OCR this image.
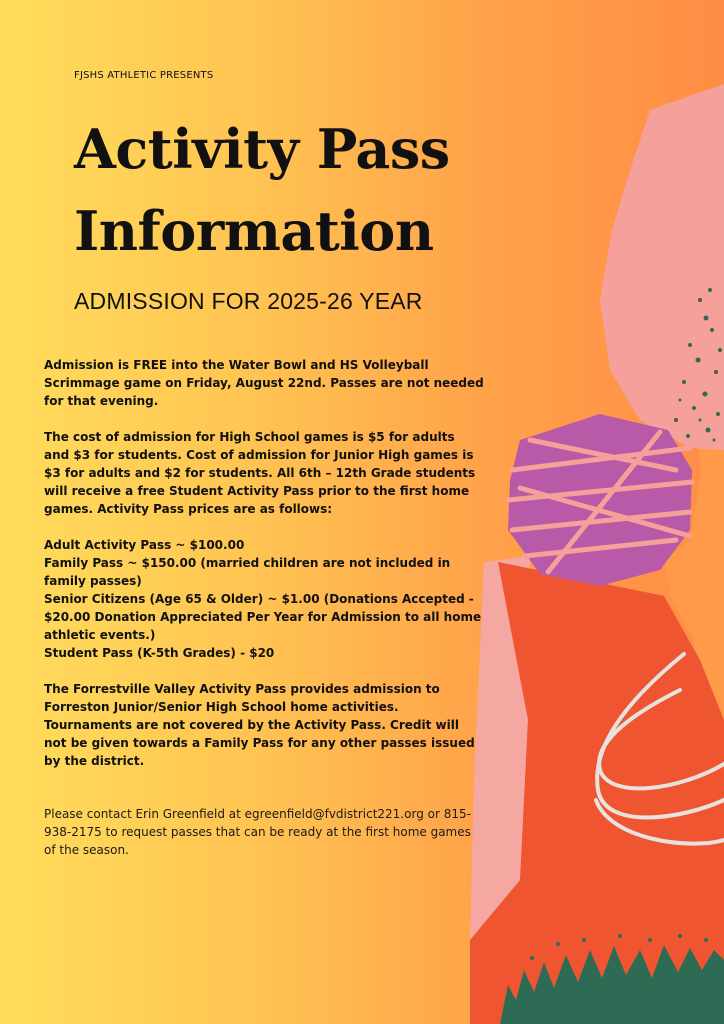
FJSHS ATHLETIC PRESENTS
Activity Pass
Information
ADMISSION FOR 2025-26 YEAR

Admission is FREE into the Water Bowl and HS Volleyball Scrimmage game on Friday, August 22nd. Passes are not needed for that evening.

The cost of admission for High School games is $5 for adults and $3 for students. Cost of admission for Junior High games is $3 for adults and $2 for students. All 6th – 12th Grade students will receive a free Student Activity Pass prior to the first home games. Activity Pass prices are as follows:

Adult Activity Pass ~ $100.00
Family Pass ~ $150.00 (married children are not included in family passes)
Senior Citizens (Age 65 & Older) ~ $1.00 (Donations Accepted - $20.00 Donation Appreciated Per Year for Admission to all home athletic events.)
Student Pass (K-5th Grades) - $20

The Forrestville Valley Activity Pass provides admission to Forreston Junior/Senior High School home activities. Tournaments are not covered by the Activity Pass. Credit will not be given towards a Family Pass for any other passes issued by the district.

Please contact Erin Greenfield at egreenfield@fvdistrict221.org or 815-938-2175 to request passes that can be ready at the first home games of the season.
